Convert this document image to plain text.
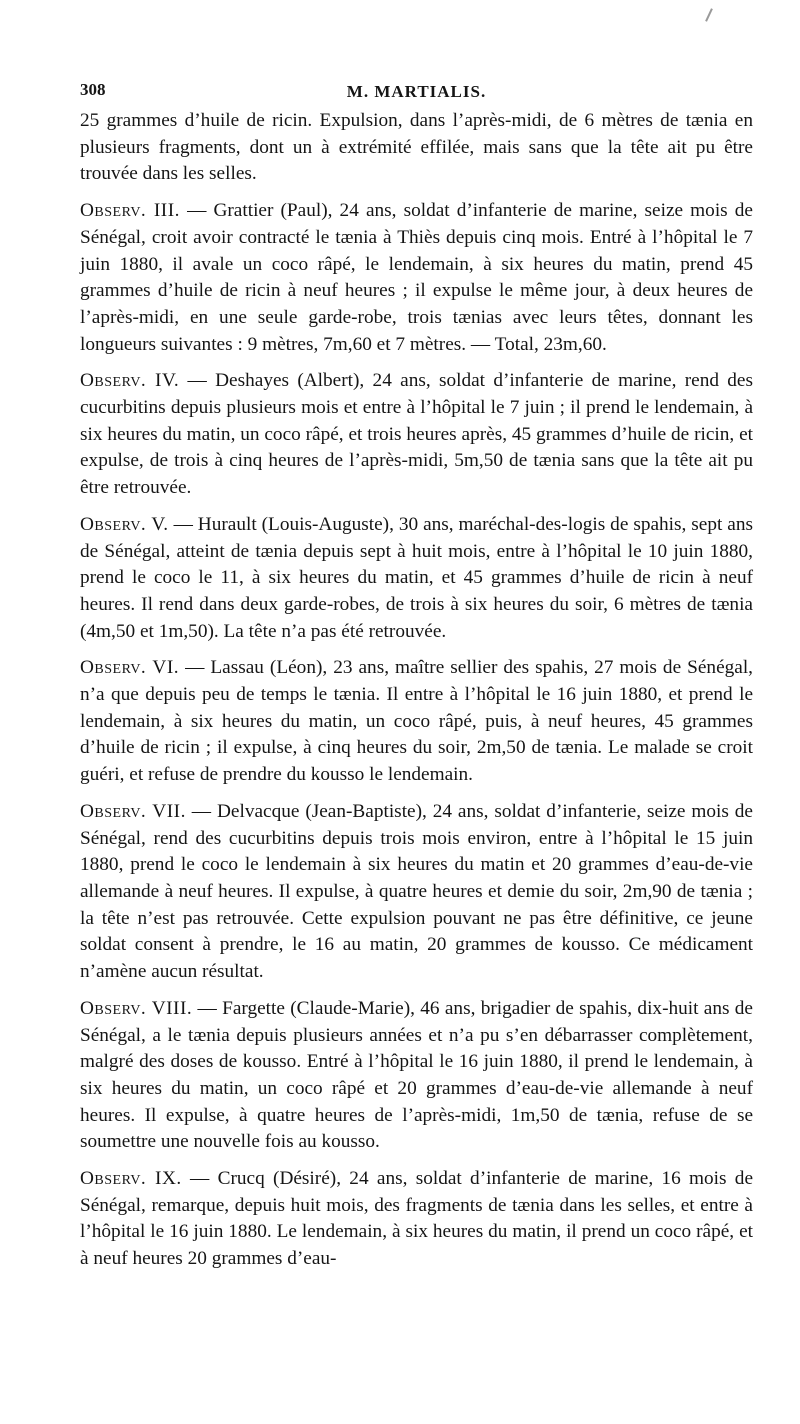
308	M. MARTIALIS.

25 grammes d’huile de ricin. Expulsion, dans l’après-midi, de 6 mètres de tænia en plusieurs fragments, dont un à extrémité effilée, mais sans que la tête ait pu être trouvée dans les selles.

Observ. III. — Grattier (Paul), 24 ans, soldat d’infanterie de marine, seize mois de Sénégal, croit avoir contracté le tænia à Thiès depuis cinq mois. Entré à l’hôpital le 7 juin 1880, il avale un coco râpé, le lendemain, à six heures du matin, prend 45 grammes d’huile de ricin à neuf heures ; il expulse le même jour, à deux heures de l’après-midi, en une seule garde-robe, trois tænias avec leurs têtes, donnant les longueurs suivantes : 9 mètres, 7m,60 et 7 mètres. — Total, 23m,60.

Observ. IV. — Deshayes (Albert), 24 ans, soldat d’infanterie de marine, rend des cucurbitins depuis plusieurs mois et entre à l’hôpital le 7 juin ; il prend le lendemain, à six heures du matin, un coco râpé, et trois heures après, 45 grammes d’huile de ricin, et expulse, de trois à cinq heures de l’après-midi, 5m,50 de tænia sans que la tête ait pu être retrouvée.

Observ. V. — Hurault (Louis-Auguste), 30 ans, maréchal-des-logis de spahis, sept ans de Sénégal, atteint de tænia depuis sept à huit mois, entre à l’hôpital le 10 juin 1880, prend le coco le 11, à six heures du matin, et 45 grammes d’huile de ricin à neuf heures. Il rend dans deux garde-robes, de trois à six heures du soir, 6 mètres de tænia (4m,50 et 1m,50). La tête n’a pas été retrouvée.

Observ. VI. — Lassau (Léon), 23 ans, maître sellier des spahis, 27 mois de Sénégal, n’a que depuis peu de temps le tænia. Il entre à l’hôpital le 16 juin 1880, et prend le lendemain, à six heures du matin, un coco râpé, puis, à neuf heures, 45 grammes d’huile de ricin ; il expulse, à cinq heures du soir, 2m,50 de tænia. Le malade se croit guéri, et refuse de prendre du kousso le lendemain.

Observ. VII. — Delvacque (Jean-Baptiste), 24 ans, soldat d’infanterie, seize mois de Sénégal, rend des cucurbitins depuis trois mois environ, entre à l’hôpital le 15 juin 1880, prend le coco le lendemain à six heures du matin et 20 grammes d’eau-de-vie allemande à neuf heures. Il expulse, à quatre heures et demie du soir, 2m,90 de tænia ; la tête n’est pas retrouvée. Cette expulsion pouvant ne pas être définitive, ce jeune soldat consent à prendre, le 16 au matin, 20 grammes de kousso. Ce médicament n’amène aucun résultat.

Observ. VIII. — Fargette (Claude-Marie), 46 ans, brigadier de spahis, dix-huit ans de Sénégal, a le tænia depuis plusieurs années et n’a pu s’en débarrasser complètement, malgré des doses de kousso. Entré à l’hôpital le 16 juin 1880, il prend le lendemain, à six heures du matin, un coco râpé et 20 grammes d’eau-de-vie allemande à neuf heures. Il expulse, à quatre heures de l’après-midi, 1m,50 de tænia, refuse de se soumettre une nouvelle fois au kousso.

Observ. IX. — Crucq (Désiré), 24 ans, soldat d’infanterie de marine, 16 mois de Sénégal, remarque, depuis huit mois, des fragments de tænia dans les selles, et entre à l’hôpital le 16 juin 1880. Le lendemain, à six heures du matin, il prend un coco râpé, et à neuf heures 20 grammes d’eau-
